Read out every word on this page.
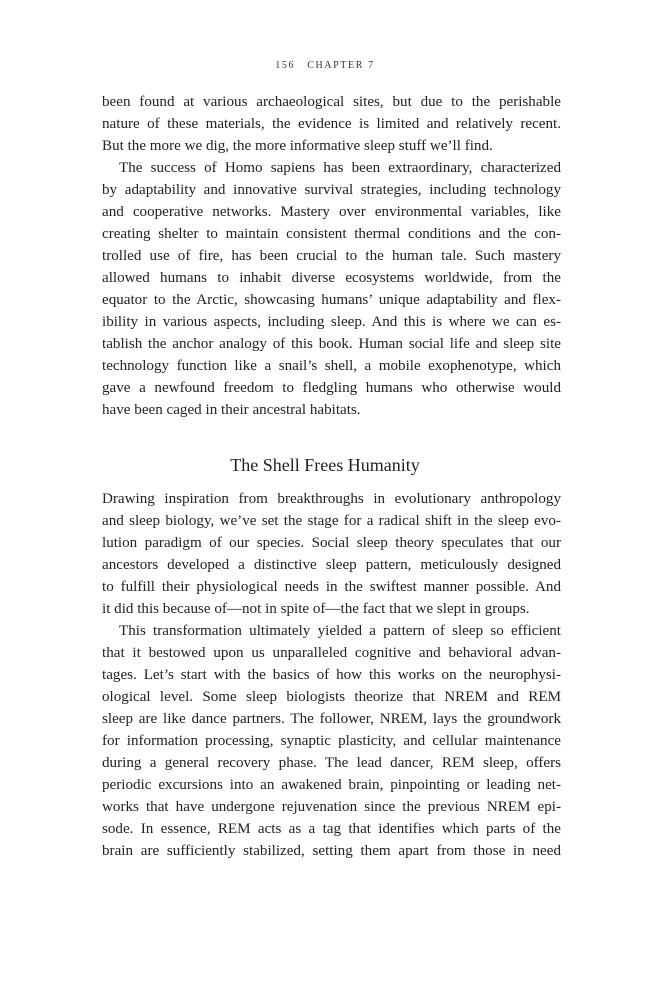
156 CHAPTER 7
been found at various archaeological sites, but due to the perishable
nature of these materials, the evidence is limited and relatively recent.
But the more we dig, the more informative sleep stuff we’ll find.
The success of Homo sapiens has been extraordinary, characterized
by adaptability and innovative survival strategies, including technology
and cooperative networks. Mastery over environmental variables, like
creating shelter to maintain consistent thermal conditions and the con-
trolled use of fire, has been crucial to the human tale. Such mastery
allowed humans to inhabit diverse ecosystems worldwide, from the
equator to the Arctic, showcasing humans’ unique adaptability and flex-
ibility in various aspects, including sleep. And this is where we can es-
tablish the anchor analogy of this book. Human social life and sleep site
technology function like a snail’s shell, a mobile exophenotype, which
gave a newfound freedom to fledgling humans who otherwise would
have been caged in their ancestral habitats.
The Shell Frees Humanity
Drawing inspiration from breakthroughs in evolutionary anthropology
and sleep biology, we’ve set the stage for a radical shift in the sleep evo-
lution paradigm of our species. Social sleep theory speculates that our
ancestors developed a distinctive sleep pattern, meticulously designed
to fulfill their physiological needs in the swiftest manner possible. And
it did this because of—not in spite of—the fact that we slept in groups.
This transformation ultimately yielded a pattern of sleep so efficient
that it bestowed upon us unparalleled cognitive and behavioral advan-
tages. Let’s start with the basics of how this works on the neurophysi-
ological level. Some sleep biologists theorize that NREM and REM
sleep are like dance partners. The follower, NREM, lays the groundwork
for information processing, synaptic plasticity, and cellular maintenance
during a general recovery phase. The lead dancer, REM sleep, offers
periodic excursions into an awakened brain, pinpointing or leading net-
works that have undergone rejuvenation since the previous NREM epi-
sode. In essence, REM acts as a tag that identifies which parts of the
brain are sufficiently stabilized, setting them apart from those in need
